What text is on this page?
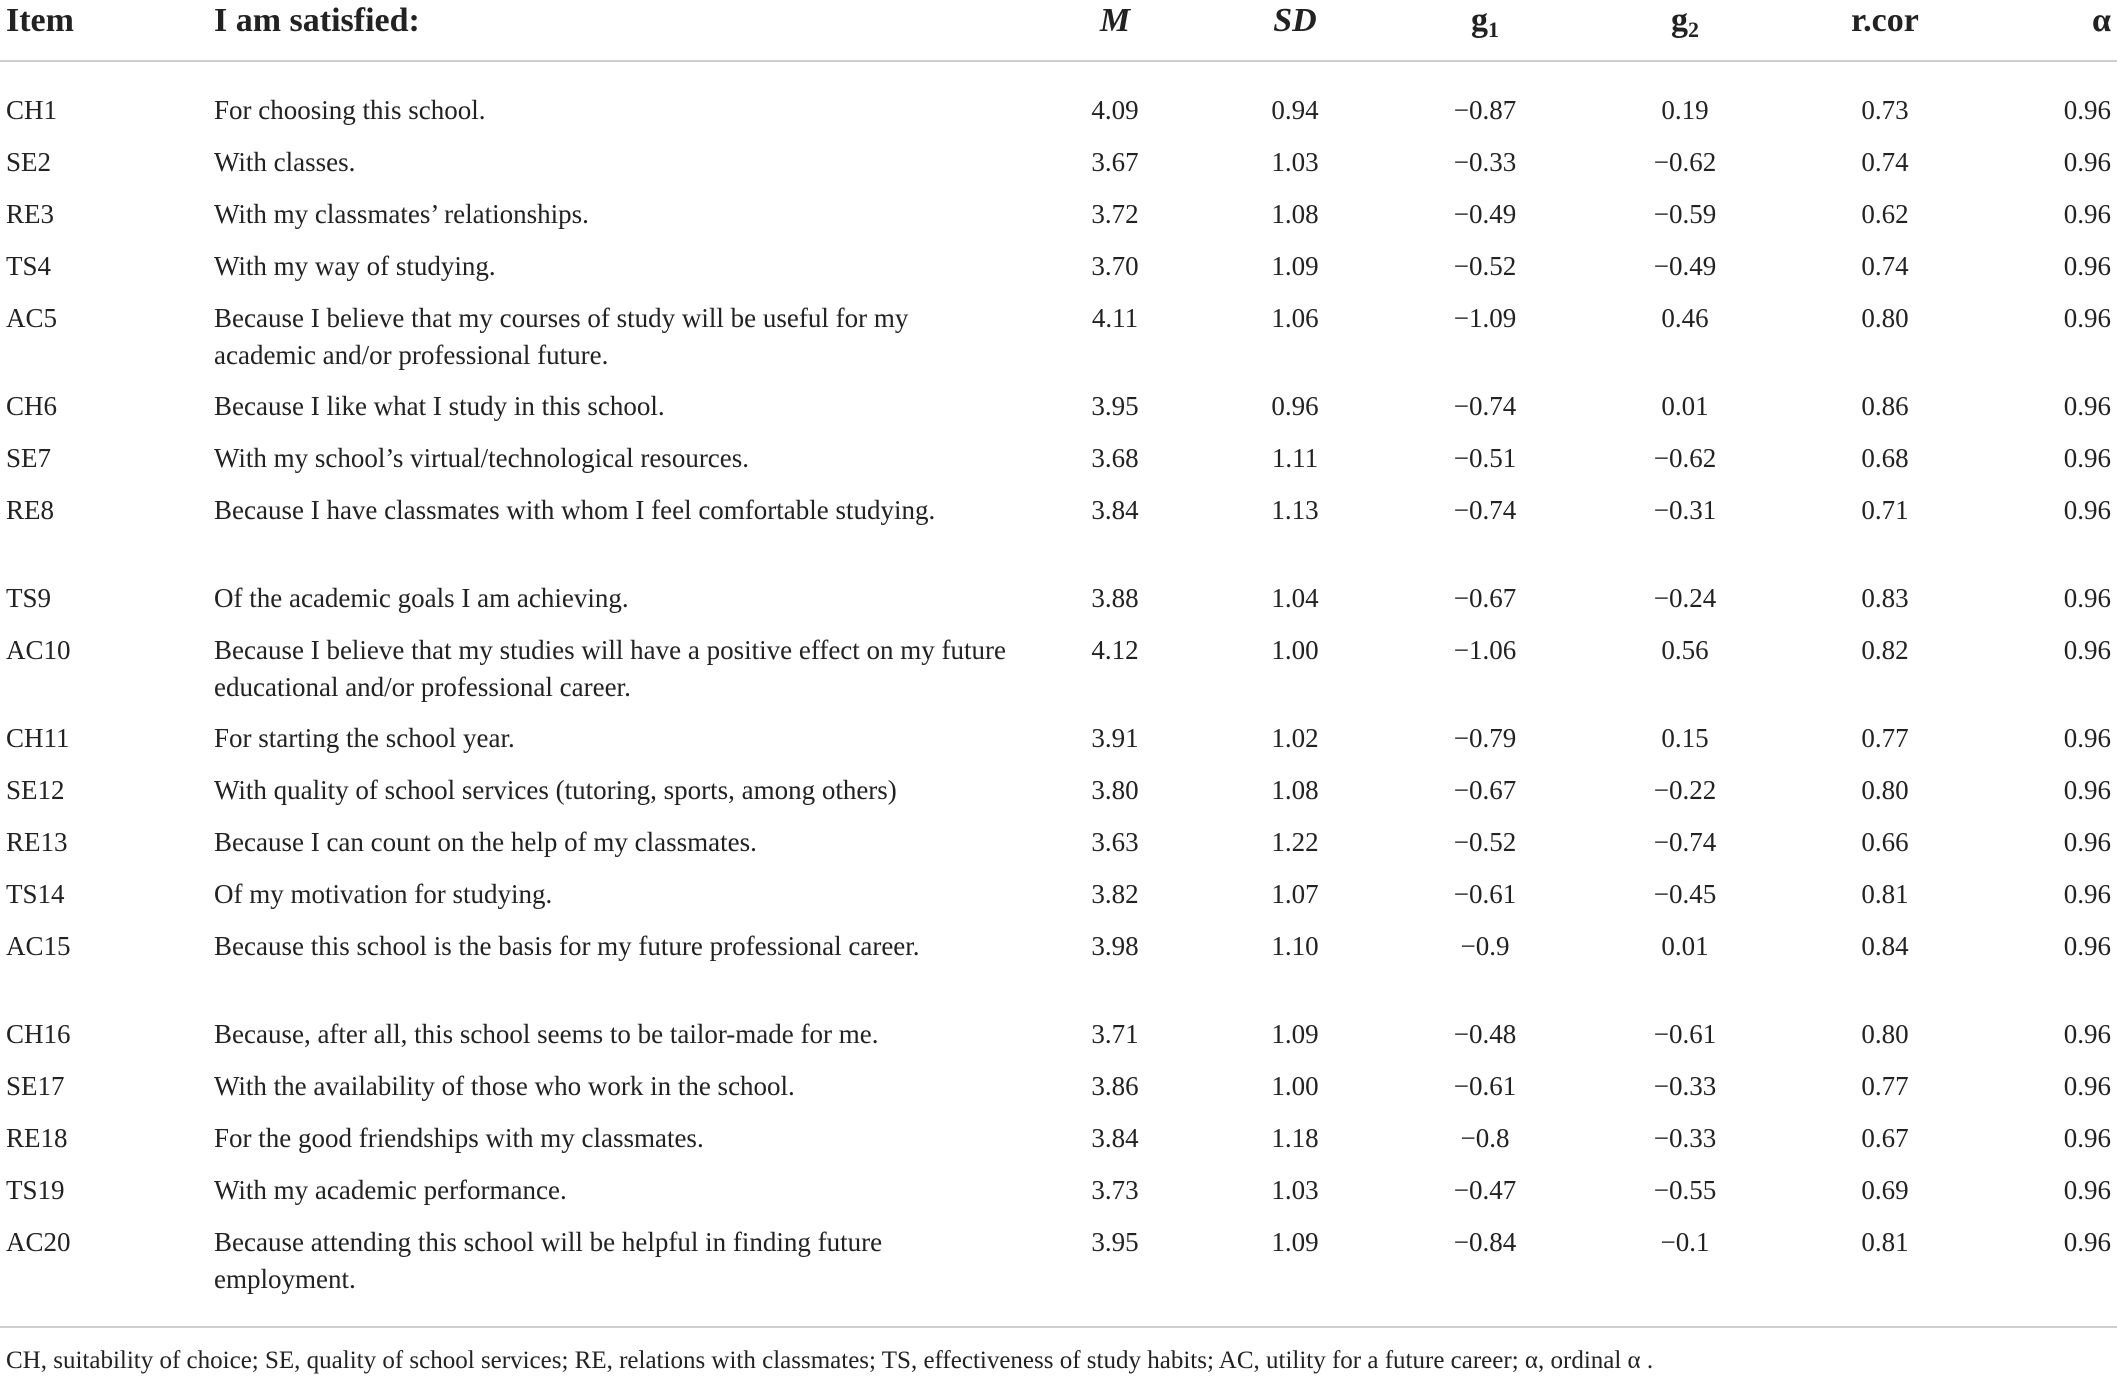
Item	I am satisfied:	M	SD	$g_1$	$g_2$	r.cor	α
CH1	For choosing this school.	4.09	0.94	−0.87	0.19	0.73	0.96
SE2	With classes.	3.67	1.03	−0.33	−0.62	0.74	0.96
RE3	With my classmates’ relationships.	3.72	1.08	−0.49	−0.59	0.62	0.96
TS4	With my way of studying.	3.70	1.09	−0.52	−0.49	0.74	0.96
AC5	Because I believe that my courses of study will be useful for my academic and/or professional future.	4.11	1.06	−1.09	0.46	0.80	0.96
CH6	Because I like what I study in this school.	3.95	0.96	−0.74	0.01	0.86	0.96
SE7	With my school’s virtual/technological resources.	3.68	1.11	−0.51	−0.62	0.68	0.96
RE8	Because I have classmates with whom I feel comfortable studying.	3.84	1.13	−0.74	−0.31	0.71	0.96
TS9	Of the academic goals I am achieving.	3.88	1.04	−0.67	−0.24	0.83	0.96
AC10	Because I believe that my studies will have a positive effect on my future educational and/or professional career.	4.12	1.00	−1.06	0.56	0.82	0.96
CH11	For starting the school year.	3.91	1.02	−0.79	0.15	0.77	0.96
SE12	With quality of school services (tutoring, sports, among others)	3.80	1.08	−0.67	−0.22	0.80	0.96
RE13	Because I can count on the help of my classmates.	3.63	1.22	−0.52	−0.74	0.66	0.96
TS14	Of my motivation for studying.	3.82	1.07	−0.61	−0.45	0.81	0.96
AC15	Because this school is the basis for my future professional career.	3.98	1.10	−0.9	0.01	0.84	0.96
CH16	Because, after all, this school seems to be tailor-made for me.	3.71	1.09	−0.48	−0.61	0.80	0.96
SE17	With the availability of those who work in the school.	3.86	1.00	−0.61	−0.33	0.77	0.96
RE18	For the good friendships with my classmates.	3.84	1.18	−0.8	−0.33	0.67	0.96
TS19	With my academic performance.	3.73	1.03	−0.47	−0.55	0.69	0.96
AC20	Because attending this school will be helpful in finding future employment.	3.95	1.09	−0.84	−0.1	0.81	0.96
CH, suitability of choice; SE, quality of school services; RE, relations with classmates; TS, effectiveness of study habits; AC, utility for a future career; α, ordinal α .
